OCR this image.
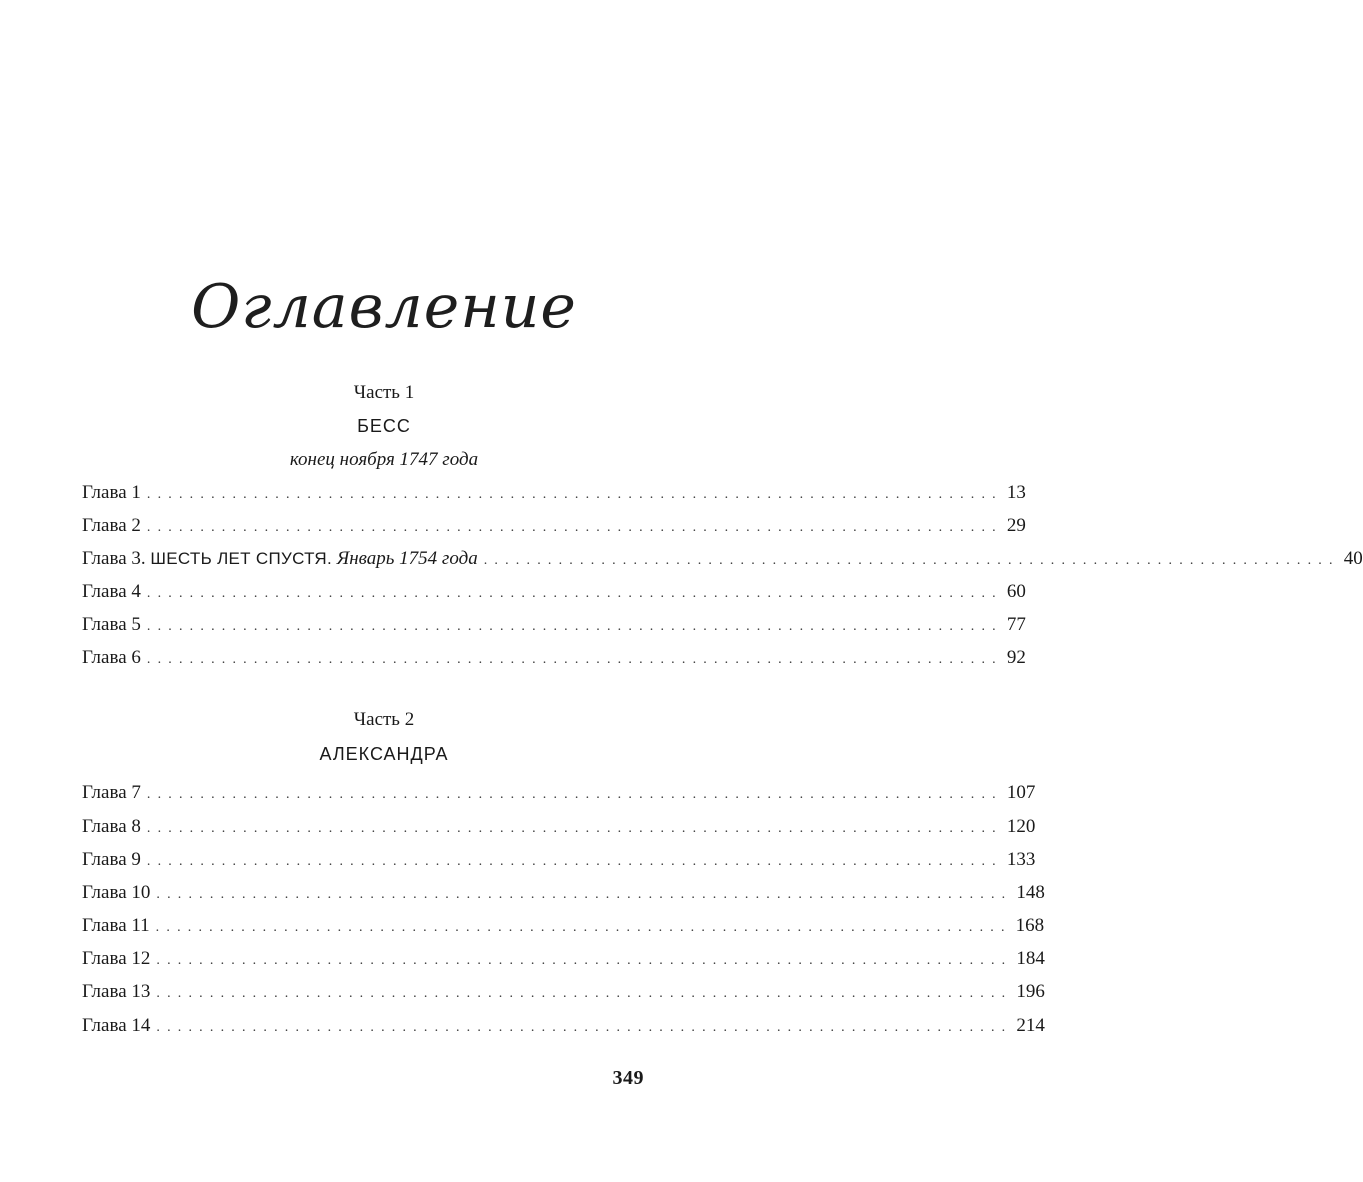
Оглавление
Часть 1
БЕСС
конец ноября 1747 года
Глава 1 ................................................................................ 13
Глава 2 ................................................................................ 29
Глава 3. ШЕСТЬ ЛЕТ СПУСТЯ. Январь 1754 года ................................................................................ 40
Глава 4 ................................................................................ 60
Глава 5 ................................................................................ 77
Глава 6 ................................................................................ 92
Часть 2
АЛЕКСАНДРА
Глава 7 ................................................................................ 107
Глава 8 ................................................................................ 120
Глава 9 ................................................................................ 133
Глава 10 ................................................................................ 148
Глава 11 ................................................................................ 168
Глава 12 ................................................................................ 184
Глава 13 ................................................................................ 196
Глава 14 ................................................................................ 214
349
